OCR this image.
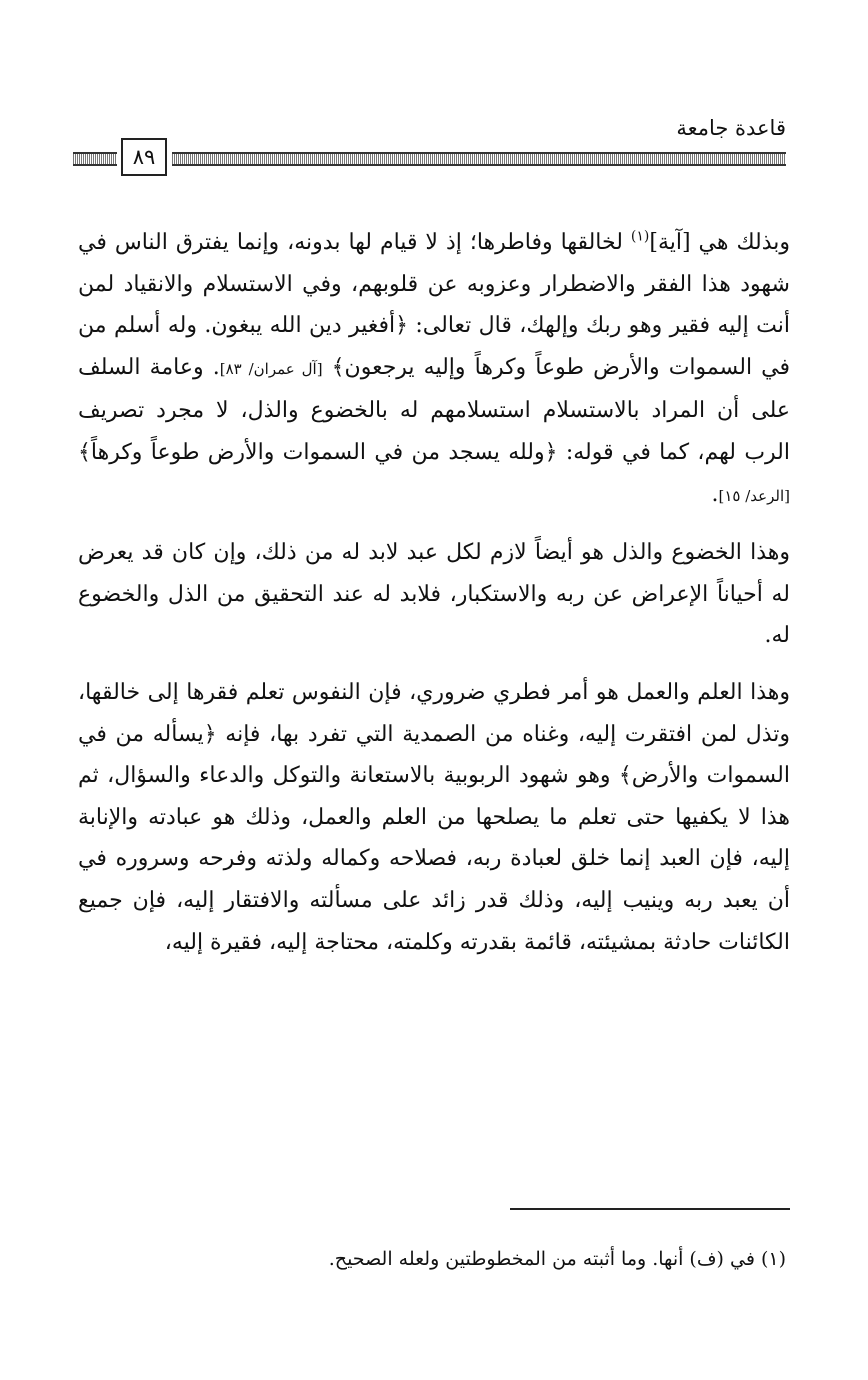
قاعدة جامعة
٨٩

وبذلك هي [آية]$^{(١)}$ لخالقها وفاطرها؛ إذ لا قيام لها بدونه، وإنما يفترق الناس في شهود هذا الفقر والاضطرار وعزوبه عن قلوبهم، وفي الاستسلام والانقياد لمن أنت إليه فقير وهو ربك وإلهك، قال تعالى: ﴿أفغير دين الله يبغون. وله أسلم من في السموات والأرض طوعاً وكرهاً وإليه يرجعون﴾ [آل عمران/ ٨٣]. وعامة السلف على أن المراد بالاستسلام استسلامهم له بالخضوع والذل، لا مجرد تصريف الرب لهم، كما في قوله: ﴿ولله يسجد من في السموات والأرض طوعاً وكرهاً﴾ [الرعد/ ١٥].

وهذا الخضوع والذل هو أيضاً لازم لكل عبد لابد له من ذلك، وإن كان قد يعرض له أحياناً الإعراض عن ربه والاستكبار، فلابد له عند التحقيق من الذل والخضوع له.

وهذا العلم والعمل هو أمر فطري ضروري، فإن النفوس تعلم فقرها إلى خالقها، وتذل لمن افتقرت إليه، وغناه من الصمدية التي تفرد بها، فإنه ﴿يسأله من في السموات والأرض﴾ وهو شهود الربوبية بالاستعانة والتوكل والدعاء والسؤال، ثم هذا لا يكفيها حتى تعلم ما يصلحها من العلم والعمل، وذلك هو عبادته والإنابة إليه، فإن العبد إنما خلق لعبادة ربه، فصلاحه وكماله ولذته وفرحه وسروره في أن يعبد ربه وينيب إليه، وذلك قدر زائد على مسألته والافتقار إليه، فإن جميع الكائنات حادثة بمشيئته، قائمة بقدرته وكلمته، محتاجة إليه، فقيرة إليه،

(١) في (ف) أنها. وما أثبته من المخطوطتين ولعله الصحيح.
